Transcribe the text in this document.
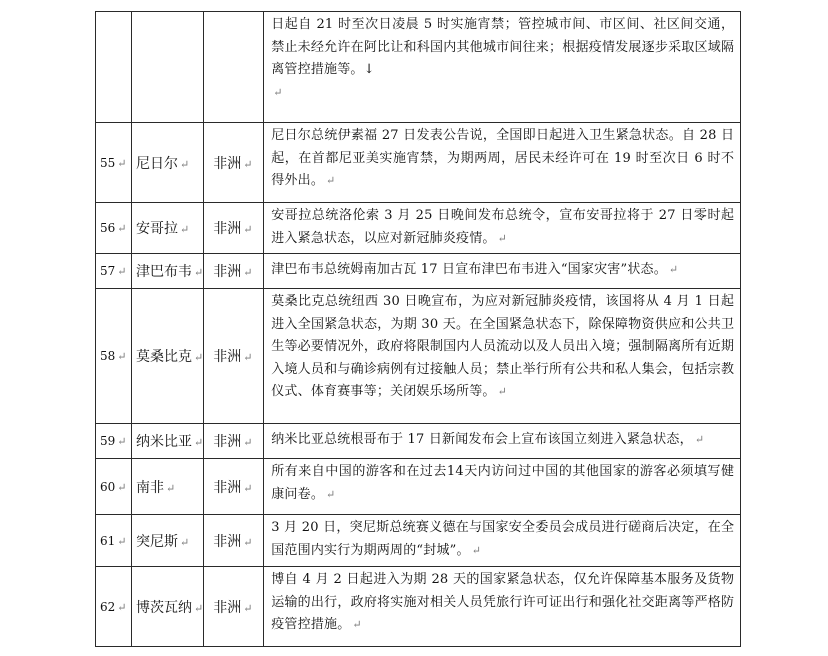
			日起自 21 时至次日凌晨 5 时实施宵禁；管控城市间、市区间、社区间交通，禁止未经允许在阿比让和科国内其他城市间往来；根据疫情发展逐步采取区域隔离管控措施等。↓
↵
55 ↵	尼日尔 ↵	非洲 ↵	尼日尔总统伊素福 27 日发表公告说，全国即日起进入卫生紧急状态。自 28 日起，在首都尼亚美实施宵禁，为期两周，居民未经许可在 19 时至次日 6 时不得外出。 ↵
56 ↵	安哥拉 ↵	非洲 ↵	安哥拉总统洛伦索 3 月 25 日晚间发布总统令，宣布安哥拉将于 27 日零时起进入紧急状态，以应对新冠肺炎疫情。 ↵
57 ↵	津巴布韦 ↵	非洲 ↵	津巴布韦总统姆南加古瓦 17 日宣布津巴布韦进入“国家灾害”状态。 ↵
58 ↵	莫桑比克 ↵	非洲 ↵	莫桑比克总统纽西 30 日晚宣布，为应对新冠肺炎疫情，该国将从 4 月 1 日起进入全国紧急状态，为期 30 天。在全国紧急状态下，除保障物资供应和公共卫生等必要情况外，政府将限制国内人员流动以及人员出入境；强制隔离所有近期入境人员和与确诊病例有过接触人员；禁止举行所有公共和私人集会，包括宗教仪式、体育赛事等；关闭娱乐场所等。 ↵
59 ↵	纳米比亚 ↵	非洲 ↵	纳米比亚总统根哥布于 17 日新闻发布会上宣布该国立刻进入紧急状态， ↵
60 ↵	南非 ↵	非洲 ↵	所有来自中国的游客和在过去14天内访问过中国的其他国家的游客必须填写健康问卷。 ↵
61 ↵	突尼斯 ↵	非洲 ↵	3 月 20 日，突尼斯总统赛义德在与国家安全委员会成员进行磋商后决定，在全国范围内实行为期两周的“封城”。 ↵
62 ↵	博茨瓦纳 ↵	非洲 ↵	博自 4 月 2 日起进入为期 28 天的国家紧急状态，仅允许保障基本服务及货物运输的出行，政府将实施对相关人员凭旅行许可证出行和强化社交距离等严格防疫管控措施。 ↵
